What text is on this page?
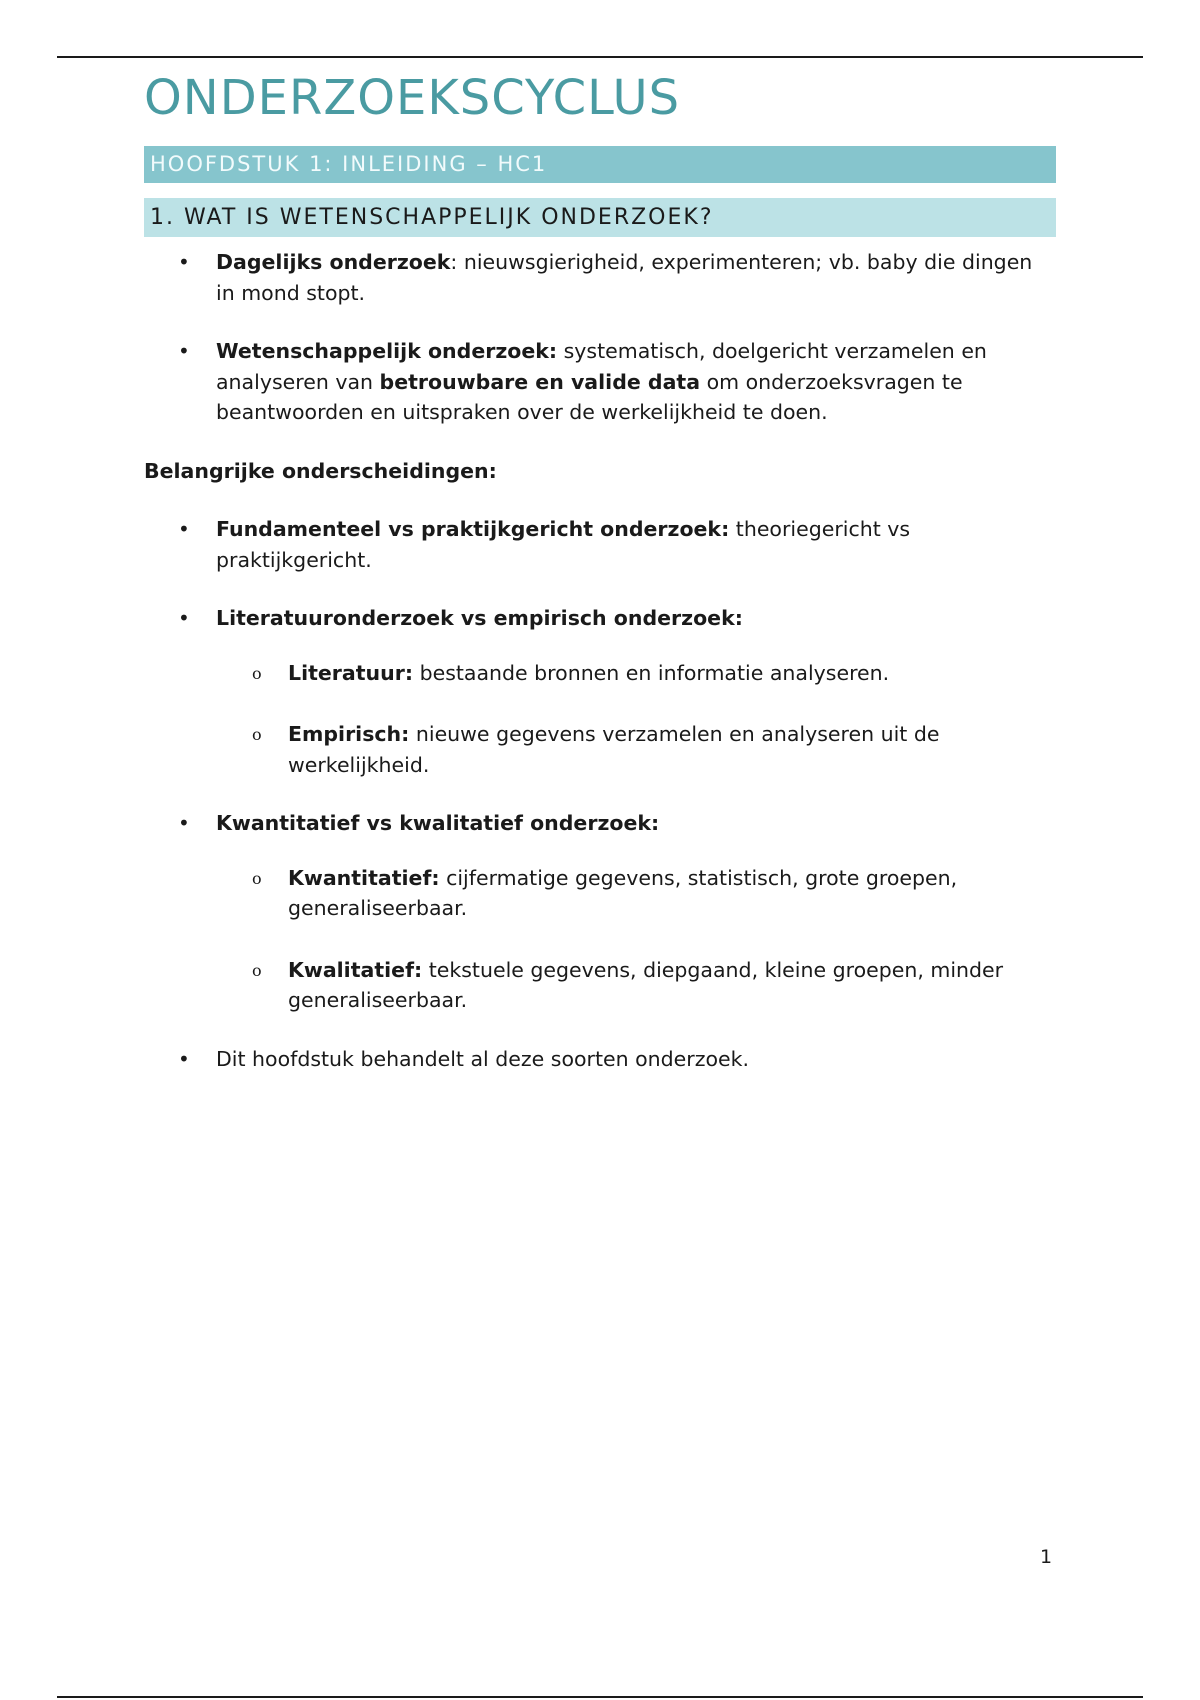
ONDERZOEKSCYCLUS
HOOFDSTUK 1: INLEIDING – HC1
1. WAT IS WETENSCHAPPELIJK ONDERZOEK?
• Dagelijks onderzoek: nieuwsgierigheid, experimenteren; vb. baby die dingen in mond stopt.
• Wetenschappelijk onderzoek: systematisch, doelgericht verzamelen en analyseren van betrouwbare en valide data om onderzoeksvragen te beantwoorden en uitspraken over de werkelijkheid te doen.
Belangrijke onderscheidingen:
• Fundamenteel vs praktijkgericht onderzoek: theoriegericht vs praktijkgericht.
• Literatuuronderzoek vs empirisch onderzoek:
o Literatuur: bestaande bronnen en informatie analyseren.
o Empirisch: nieuwe gegevens verzamelen en analyseren uit de werkelijkheid.
• Kwantitatief vs kwalitatief onderzoek:
o Kwantitatief: cijfermatige gegevens, statistisch, grote groepen, generaliseerbaar.
o Kwalitatief: tekstuele gegevens, diepgaand, kleine groepen, minder generaliseerbaar.
• Dit hoofdstuk behandelt al deze soorten onderzoek.
1
